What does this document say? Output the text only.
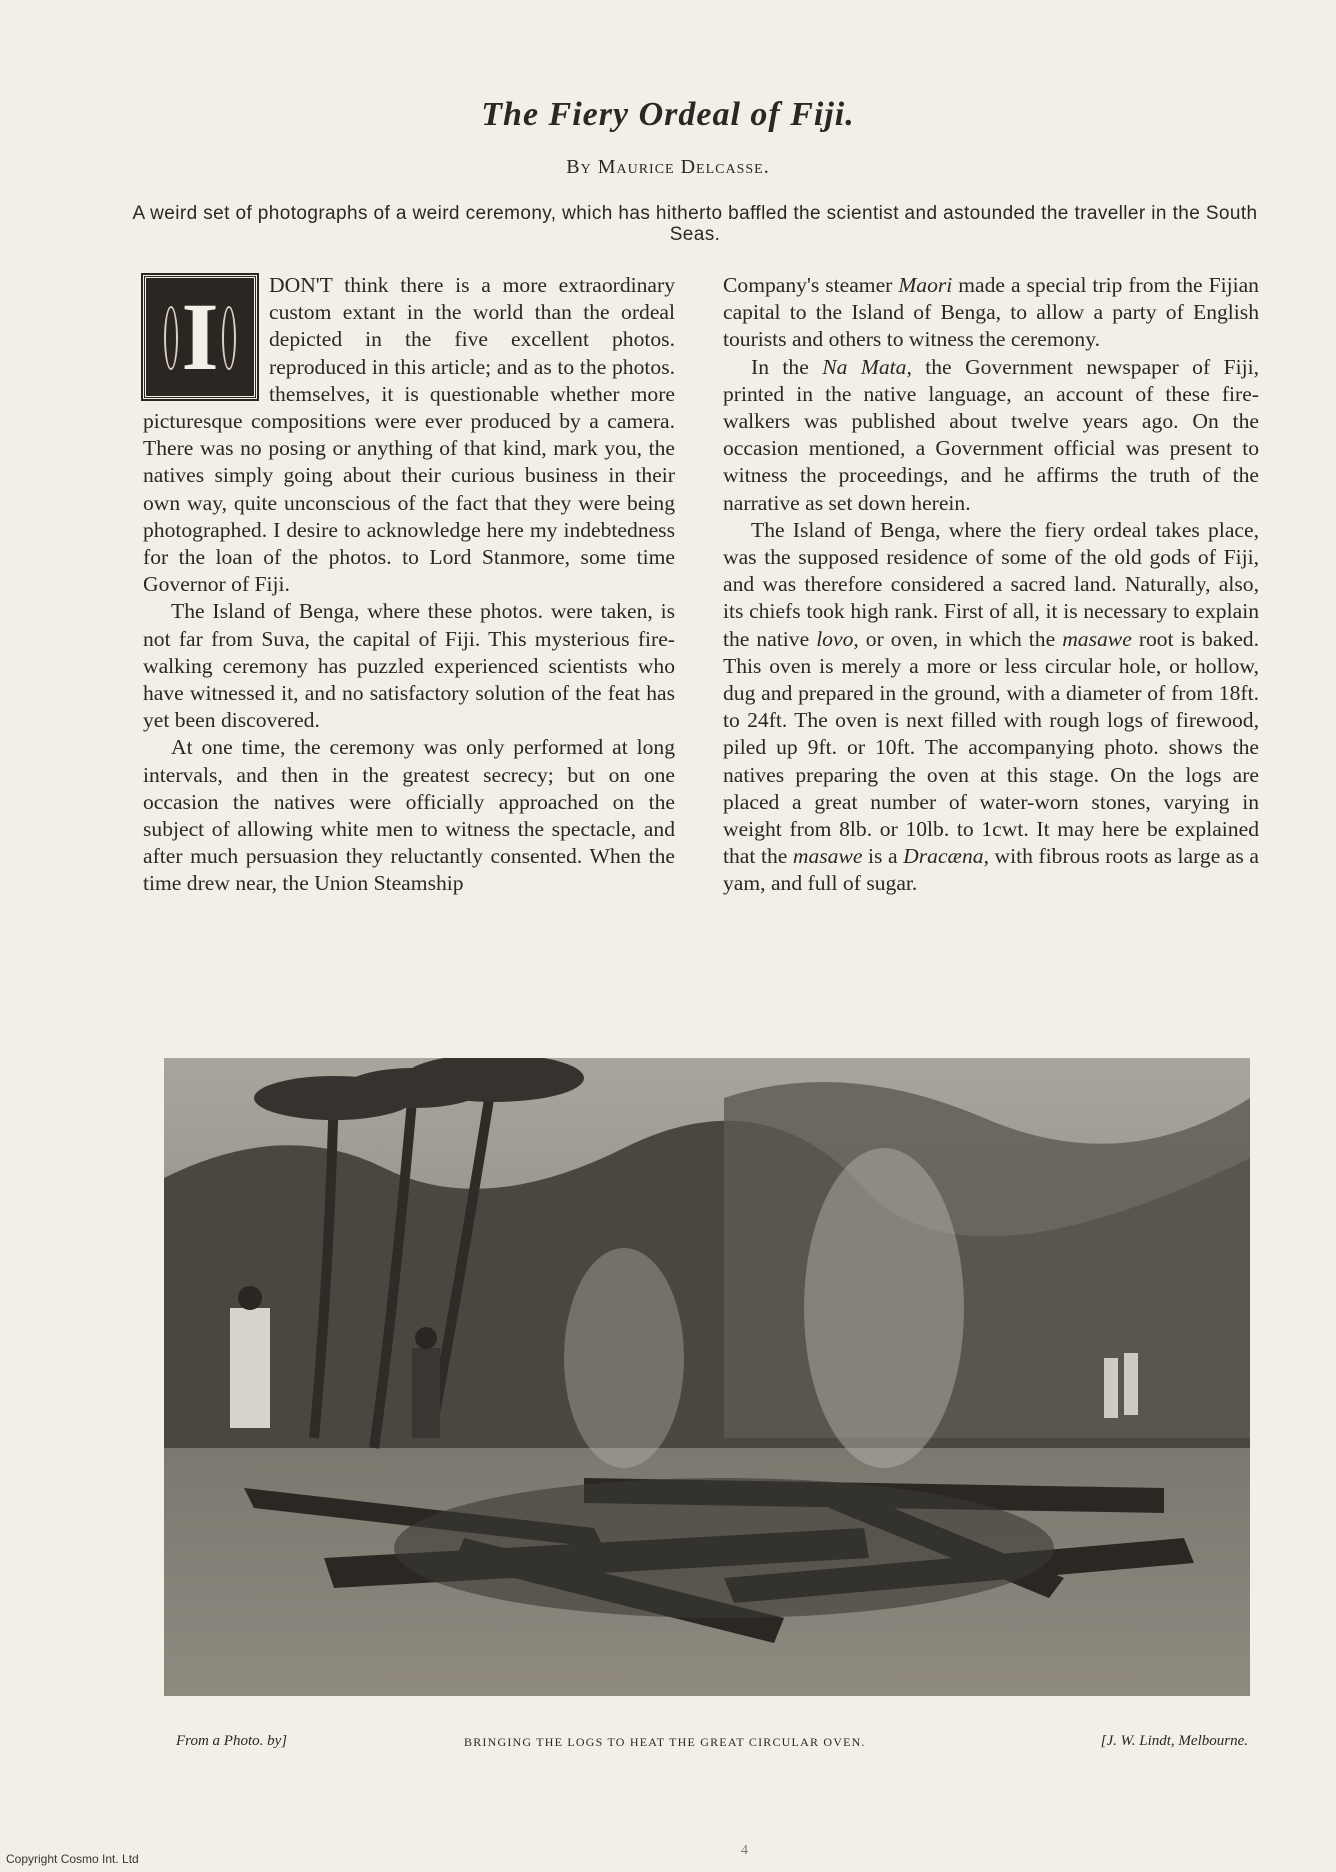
The Fiery Ordeal of Fiji.
By Maurice Delcasse.
A weird set of photographs of a weird ceremony, which has hitherto baffled the scientist and astounded the traveller in the South Seas.

I DON'T think there is a more extraordinary custom extant in the world than the ordeal depicted in the five excellent photos. reproduced in this article; and as to the photos. themselves, it is questionable whether more picturesque compositions were ever produced by a camera. There was no posing or anything of that kind, mark you, the natives simply going about their curious business in their own way, quite unconscious of the fact that they were being photographed. I desire to acknowledge here my indebtedness for the loan of the photos. to Lord Stanmore, some time Governor of Fiji.

The Island of Benga, where these photos. were taken, is not far from Suva, the capital of Fiji. This mysterious fire-walking ceremony has puzzled experienced scientists who have witnessed it, and no satisfactory solution of the feat has yet been discovered.

At one time, the ceremony was only performed at long intervals, and then in the greatest secrecy; but on one occasion the natives were officially approached on the subject of allowing white men to witness the spectacle, and after much persuasion they reluctantly consented. When the time drew near, the Union Steamship

Company's steamer Maori made a special trip from the Fijian capital to the Island of Benga, to allow a party of English tourists and others to witness the ceremony.

In the Na Mata, the Government newspaper of Fiji, printed in the native language, an account of these fire-walkers was published about twelve years ago. On the occasion mentioned, a Government official was present to witness the proceedings, and he affirms the truth of the narrative as set down herein.

The Island of Benga, where the fiery ordeal takes place, was the supposed residence of some of the old gods of Fiji, and was therefore considered a sacred land. Naturally, also, its chiefs took high rank. First of all, it is necessary to explain the native lovo, or oven, in which the masawe root is baked. This oven is merely a more or less circular hole, or hollow, dug and prepared in the ground, with a diameter of from 18ft. to 24ft. The oven is next filled with rough logs of firewood, piled up 9ft. or 10ft. The accompanying photo. shows the natives preparing the oven at this stage. On the logs are placed a great number of water-worn stones, varying in weight from 8lb. or 10lb. to 1cwt. It may here be explained that the masawe is a Dracæna, with fibrous roots as large as a yam, and full of sugar.

From a Photo. by]	BRINGING THE LOGS TO HEAT THE GREAT CIRCULAR OVEN.	[J. W. Lindt, Melbourne.
4
Copyright Cosmo Int. Ltd
